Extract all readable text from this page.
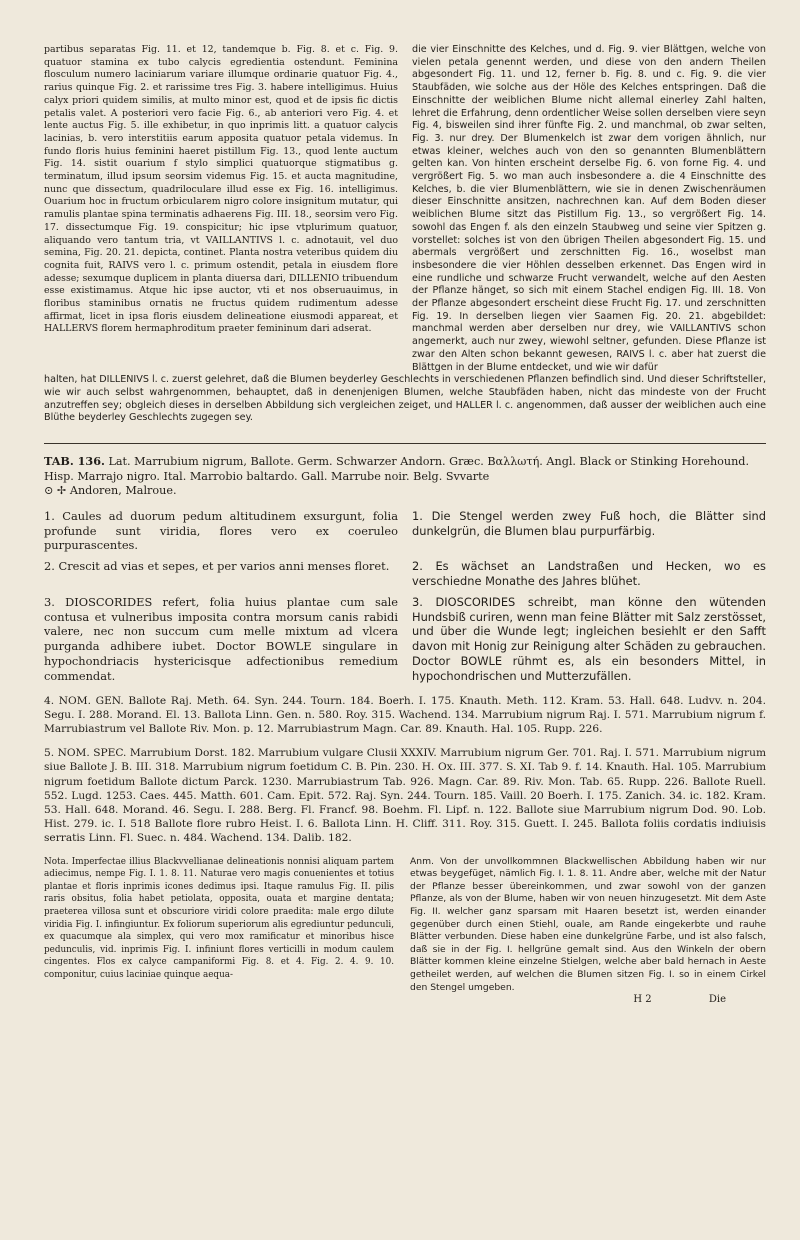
partibus separatas Fig. 11. et 12, tandemque b. Fig. 8. et c. Fig. 9. quatuor stamina ex tubo calycis egredientia ostendunt. Feminina flosculum numero laciniarum variare illumque ordinarie quatuor Fig. 4., rarius quinque Fig. 2. et rarissime tres Fig. 3. habere intelligimus. Huius calyx priori quidem similis, at multo minor est, quod et de ipsis fic dictis petalis valet. A posteriori vero facie Fig. 6., ab anteriori vero Fig. 4. et lente auctus Fig. 5. ille exhibetur, in quo inprimis litt. a quatuor calycis lacinias, b. vero interstitiis earum apposita quatuor petala videmus. In fundo floris huius feminini haeret pistillum Fig. 13., quod lente auctum Fig. 14. sistit ouarium f stylo simplici quatuorque stigmatibus g. terminatum, illud ipsum seorsim videmus Fig. 15. et aucta magnitudine, nunc que dissectum, quadriloculare illud esse ex Fig. 16. intelligimus. Ouarium hoc in fructum orbicularem nigro colore insignitum mutatur, qui ramulis plantae spina terminatis adhaerens Fig. III. 18., seorsim vero Fig. 17. dissectumque Fig. 19. conspicitur; hic ipse vtplurimum quatuor, aliquando vero tantum tria, vt VAILLANTIVS l. c. adnotauit, vel duo semina, Fig. 20. 21. depicta, continet. Planta nostra veteribus quidem diu cognita fuit, RAIVS vero l. c. primum ostendit, petala in eiusdem flore adesse; sexumque duplicem in planta diuersa dari, DILLENIO tribuendum esse existimamus. Atque hic ipse auctor, vti et nos obseruauimus, in floribus staminibus ornatis ne fructus quidem rudimentum adesse affirmat, licet in ipsa floris eiusdem delineatione eiusmodi appareat, et HALLERVS florem hermaphroditum praeter femininum dari adserat.
die vier Einschnitte des Kelches, und d. Fig. 9. vier Blättgen, welche von vielen petala genennt werden, und diese von den andern Theilen abgesondert Fig. 11. und 12, ferner b. Fig. 8. und c. Fig. 9. die vier Staubfäden, wie solche aus der Höle des Kelches entspringen. Daß die Einschnitte der weiblichen Blume nicht allemal einerley Zahl halten, lehret die Erfahrung, denn ordentlicher Weise sollen derselben viere seyn Fig. 4, bisweilen sind ihrer fünfte Fig. 2. und manchmal, ob zwar selten, Fig. 3. nur drey. Der Blumenkelch ist zwar dem vorigen ähnlich, nur etwas kleiner, welches auch von den so genannten Blumenblättern gelten kan. Von hinten erscheint derselbe Fig. 6. von forne Fig. 4. und vergrößert Fig. 5. wo man auch insbesondere a. die 4 Einschnitte des Kelches, b. die vier Blumenblättern, wie sie in denen Zwischenräumen dieser Einschnitte ansitzen, nachrechnen kan. Auf dem Boden dieser weiblichen Blume sitzt das Pistillum Fig. 13., so vergrößert Fig. 14. sowohl das Engen f. als den einzeln Staubweg und seine vier Spitzen g. vorstellet: solches ist von den übrigen Theilen abgesondert Fig. 15. und abermals vergrößert und zerschnitten Fig. 16., woselbst man insbesondere die vier Höhlen desselben erkennet. Das Engen wird in eine rundliche und schwarze Frucht verwandelt, welche auf den Aesten der Pflanze hänget, so sich mit einem Stachel endigen Fig. III. 18. Von der Pflanze abgesondert erscheint diese Frucht Fig. 17. und zerschnitten Fig. 19. In derselben liegen vier Saamen Fig. 20. 21. abgebildet: manchmal werden aber derselben nur drey, wie VAILLANTIVS schon angemerkt, auch nur zwey, wiewohl seltner, gefunden. Diese Pflanze ist zwar den Alten schon bekannt gewesen, RAIVS l. c. aber hat zuerst die Blättgen in der Blume entdecket, und wie wir dafür
halten, hat DILLENIVS l. c. zuerst gelehret, daß die Blumen beyderley Geschlechts in verschiedenen Pflanzen befindlich sind. Und dieser Schriftsteller, wie wir auch selbst wahrgenommen, behauptet, daß in denenjenigen Blumen, welche Staubfäden haben, nicht das mindeste von der Frucht anzutreffen sey; obgleich dieses in derselben Abbildung sich vergleichen zeiget, und HALLER l. c. angenommen, daß ausser der weiblichen auch eine Blüthe beyderley Geschlechts zugegen sey.
TAB. 136. Lat. Marrubium nigrum, Ballote. Germ. Schwarzer Andorn. Græc. Βαλλωτή. Angl. Black or Stinking Horehound. Hisp. Marrajo nigro. Ital. Marrobio baltardo. Gall. Marrube noir. Belg. Svvarte
⊙ ✢ Andoren, Malroue.
1. Caules ad duorum pedum altitudinem exsurgunt, folia profunde sunt viridia, flores vero ex coeruleo purpurascentes.
1. Die Stengel werden zwey Fuß hoch, die Blätter sind dunkelgrün, die Blumen blau purpurfärbig.
2. Crescit ad vias et sepes, et per varios anni menses floret.	2. Es wächset an Landstraßen und Hecken, wo es verschiedne Monathe des Jahres blühet.
3. DIOSCORIDES refert, folia huius plantae cum sale contusa et vulneribus imposita contra morsum canis rabidi valere, nec non succum cum melle mixtum ad vlcera purganda adhibere iubet. Doctor BOWLE singulare in hypochondriacis hystericisque adfectionibus remedium commendat.
3. DIOSCORIDES schreibt, man könne den wütenden Hundsbiß curiren, wenn man feine Blätter mit Salz zerstösset, und über die Wunde legt; ingleichen besiehlt er den Safft davon mit Honig zur Reinigung alter Schäden zu gebrauchen. Doctor BOWLE rühmt es, als ein besonders Mittel, in hypochondrischen und Mutterzufällen.
4. NOM. GEN. Ballote Raj. Meth. 64. Syn. 244. Tourn. 184. Boerh. I. 175. Knauth. Meth. 112. Kram. 53. Hall. 648. Ludvv. n. 204. Segu. I. 288. Morand. El. 13. Ballota Linn. Gen. n. 580. Roy. 315. Wachend. 134. Marrubium nigrum Raj. I. 571. Marrubium nigrum f. Marrubiastrum vel Ballote Riv. Mon. p. 12. Marrubiastrum Magn. Car. 89. Knauth. Hal. 105. Rupp. 226.
5. NOM. SPEC. Marrubium Dorst. 182. Marrubium vulgare Clusii XXXIV. Marrubium nigrum Ger. 701. Raj. I. 571. Marrubium nigrum siue Ballote J. B. III. 318. Marrubium nigrum foetidum C. B. Pin. 230. H. Ox. III. 377. S. XI. Tab 9. f. 14. Knauth. Hal. 105. Marrubium nigrum foetidum Ballote dictum Parck. 1230. Marrubiastrum Tab. 926. Magn. Car. 89. Riv. Mon. Tab. 65. Rupp. 226. Ballote Ruell. 552. Lugd. 1253. Caes. 445. Matth. 601. Cam. Epit. 572. Raj. Syn. 244. Tourn. 185. Vaill. 20 Boerh. I. 175. Zanich. 34. ic. 182. Kram. 53. Hall. 648. Morand. 46. Segu. I. 288. Berg. Fl. Francf. 98. Boehm. Fl. Lipf. n. 122. Ballote siue Marrubium nigrum Dod. 90. Lob. Hist. 279. ic. I. 518 Ballote flore rubro Heist. I. 6. Ballota Linn. H. Cliff. 311. Roy. 315. Guett. I. 245. Ballota foliis cordatis indiuisis serratis Linn. Fl. Suec. n. 484. Wachend. 134. Dalib. 182.
Nota. Imperfectae illius Blackvvellianae delineationis nonnisi aliquam partem adiecimus, nempe Fig. I. 1. 8. 11. Naturae vero magis conuenientes et totius plantae et floris inprimis icones dedimus ipsi. Itaque ramulus Fig. II. pilis raris obsitus, folia habet petiolata, opposita, ouata et margine dentata; praeterea villosa sunt et obscuriore viridi colore praedita: male ergo dilute viridia Fig. I. infingiuntur. Ex foliorum superiorum alis egrediuntur pedunculi, ex quacumque ala simplex, qui vero mox ramificatur et minoribus hisce pedunculis, vid. inprimis Fig. I. infiniunt flores verticilli in modum caulem cingentes. Flos ex calyce campaniformi Fig. 8. et 4. Fig. 2. 4. 9. 10. componitur, cuius laciniae quinque aequa-
Anm. Von der unvollkommnen Blackwellischen Abbildung haben wir nur etwas beygefüget, nämlich Fig. I. 1. 8. 11. Andre aber, welche mit der Natur der Pflanze besser übereinkommen, und zwar sowohl von der ganzen Pflanze, als von der Blume, haben wir von neuen hinzugesetzt. Mit dem Aste Fig. II. welcher ganz sparsam mit Haaren besetzt ist, werden einander gegenüber durch einen Stiehl, ouale, am Rande eingekerbte und rauhe Blätter verbunden. Diese haben eine dunkelgrüne Farbe, und ist also falsch, daß sie in der Fig. I. hellgrüne gemalt sind. Aus den Winkeln der obern Blätter kommen kleine einzelne Stielgen, welche aber bald hernach in Aeste getheilet werden, auf welchen die Blumen sitzen Fig. I. so in einem Cirkel den Stengel umgeben.
H 2	Die
